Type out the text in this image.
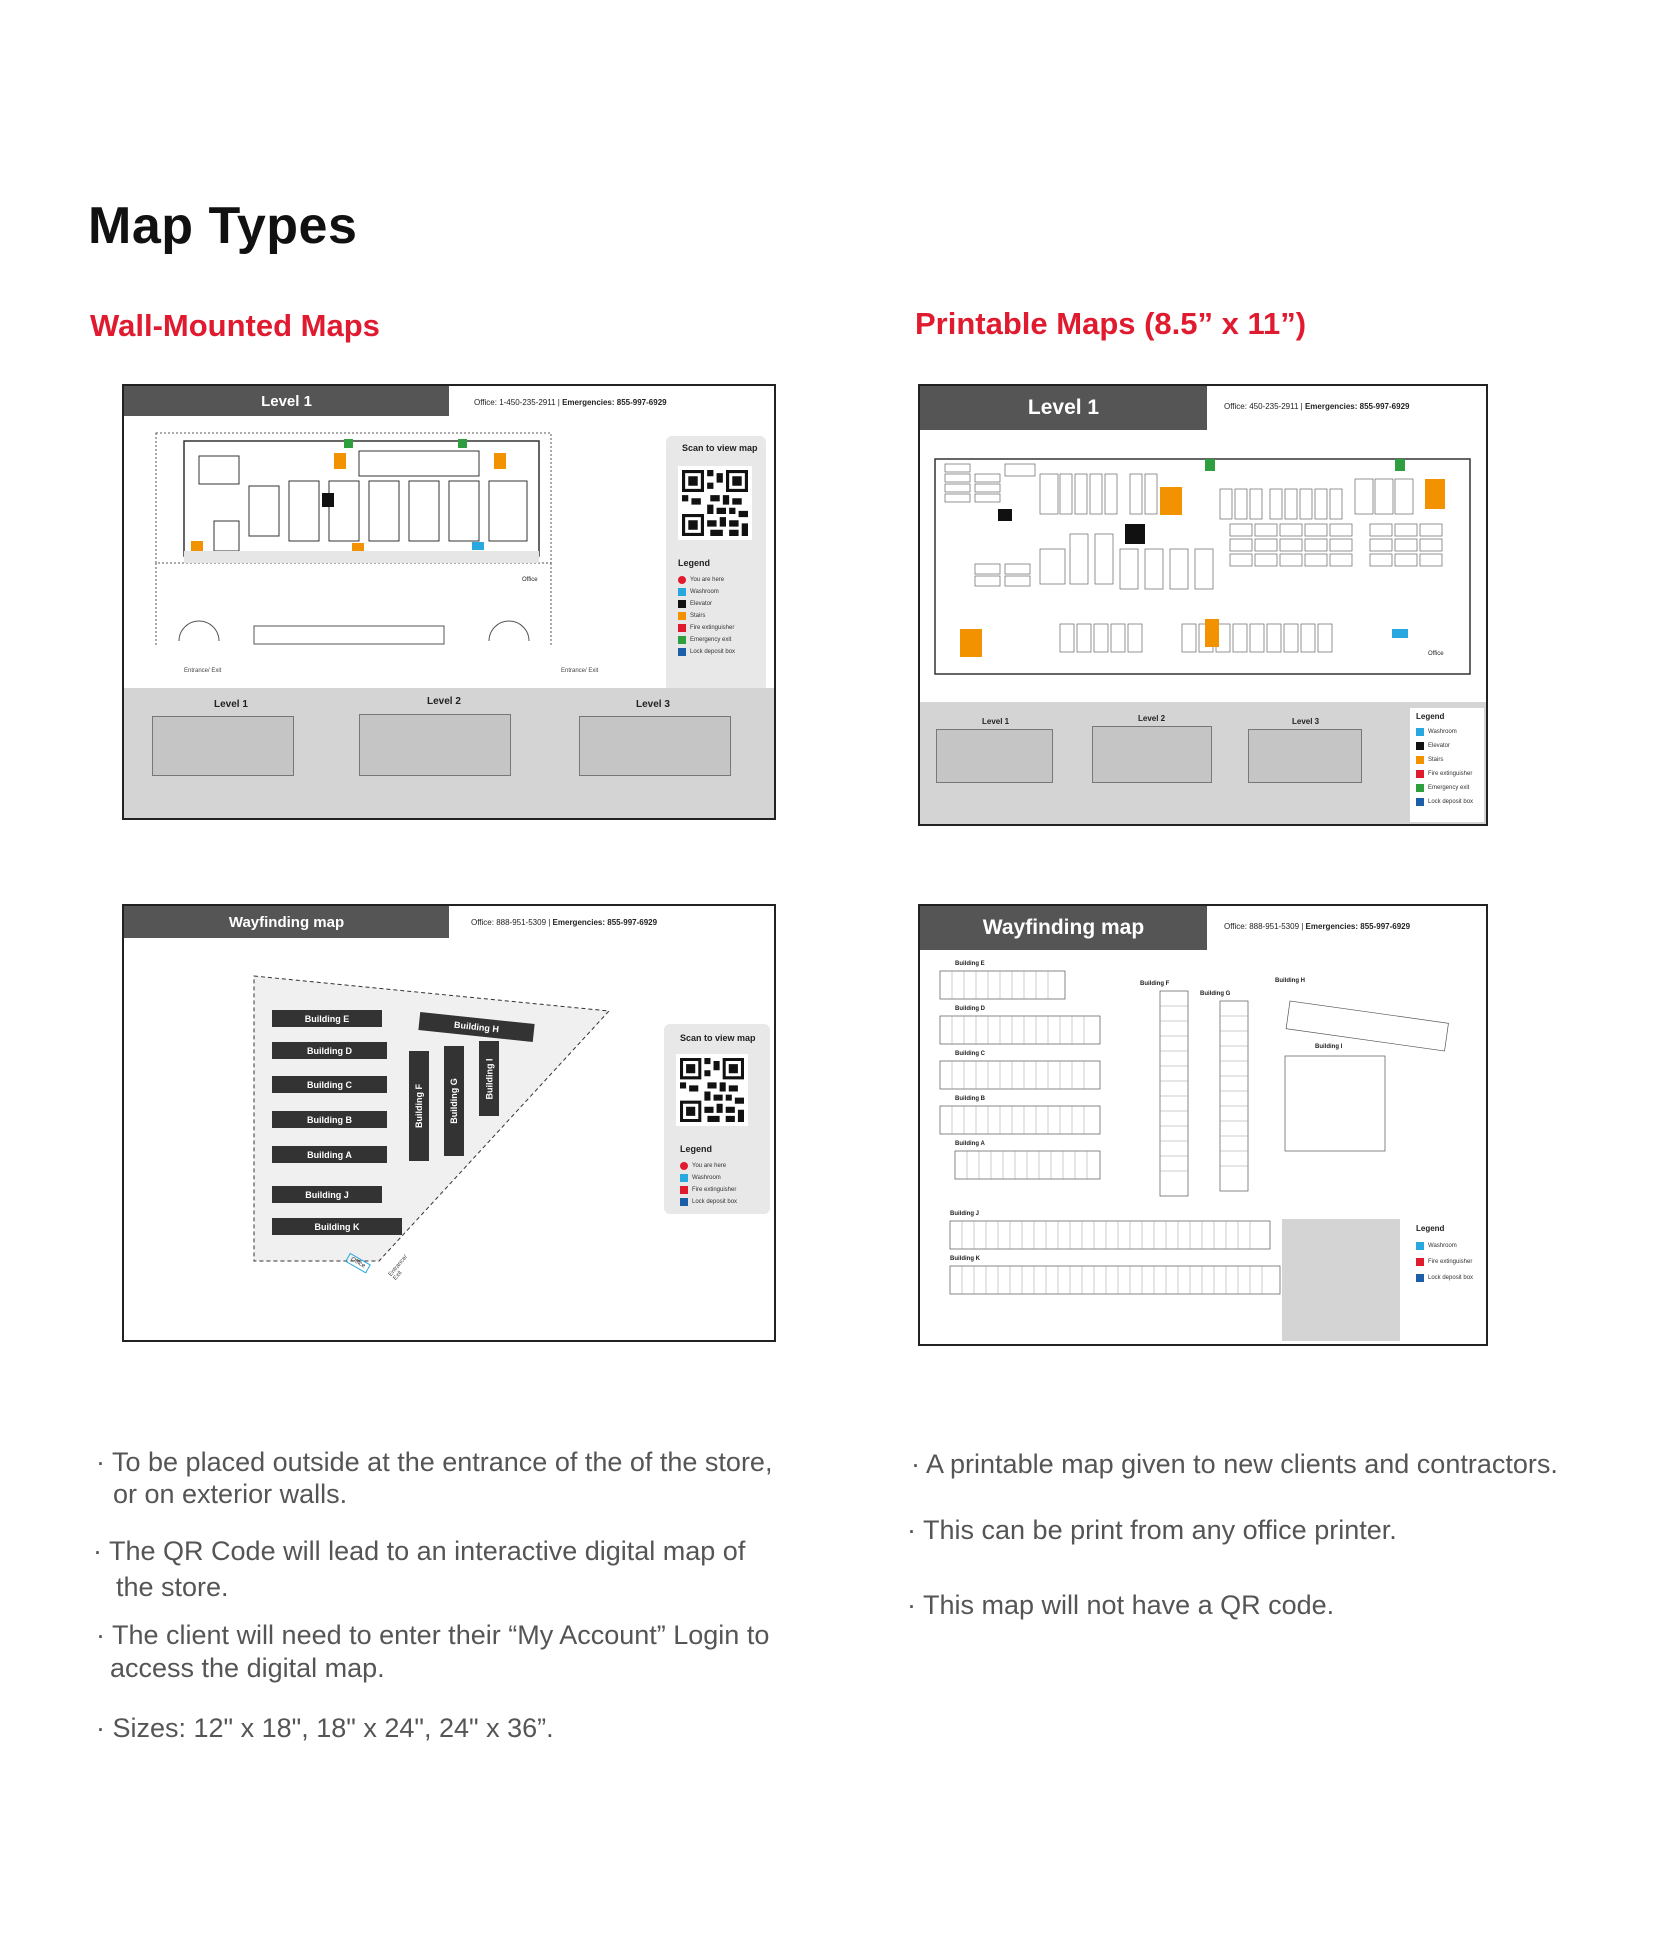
Map Types
Wall-Mounted Maps	Printable Maps (8.5” x 11”)
Level 1	Office: 1-450-235-2911 | Emergencies: 855-997-6929
Office
Entrance/ Exit	Entrance/ Exit
Scan to view map
Legend
You are here
Washroom
Elevator
Stairs
Fire extinguisher
Emergency exit
Lock deposit box
Level 1	Level 2	Level 3
Level 1	Office: 450-235-2911 | Emergencies: 855-997-6929
Office
Level 1	Level 2	Level 3
Legend
Washroom
Elevator
Stairs
Fire extinguisher
Emergency exit
Lock deposit box
Wayfinding map	Office: 888-951-5309 | Emergencies: 855-997-6929
Building E
Building D
Building C
Building B
Building A
Building J
Building K
Building H
Building F	Building G	Building I
Office	Entrance/ Exit
Scan to view map
Legend
You are here
Washroom
Fire extinguisher
Lock deposit box
Wayfinding map	Office: 888-951-5309 | Emergencies: 855-997-6929
Building E
Building D
Building C
Building B
Building A
Building J
Building K
Building F
Building G
Building H
Building I
Legend
Washroom
Fire extinguisher
Lock deposit box
· To be placed outside at the entrance of the of the store,
or on exterior walls.
· The QR Code will lead to an interactive digital map of
the store.
· The client will need to enter their “My Account” Login to
access the digital map.
· Sizes: 12" x 18", 18" x 24", 24" x 36”.
· A printable map given to new clients and contractors.
· This can be print from any office printer.
· This map will not have a QR code.
